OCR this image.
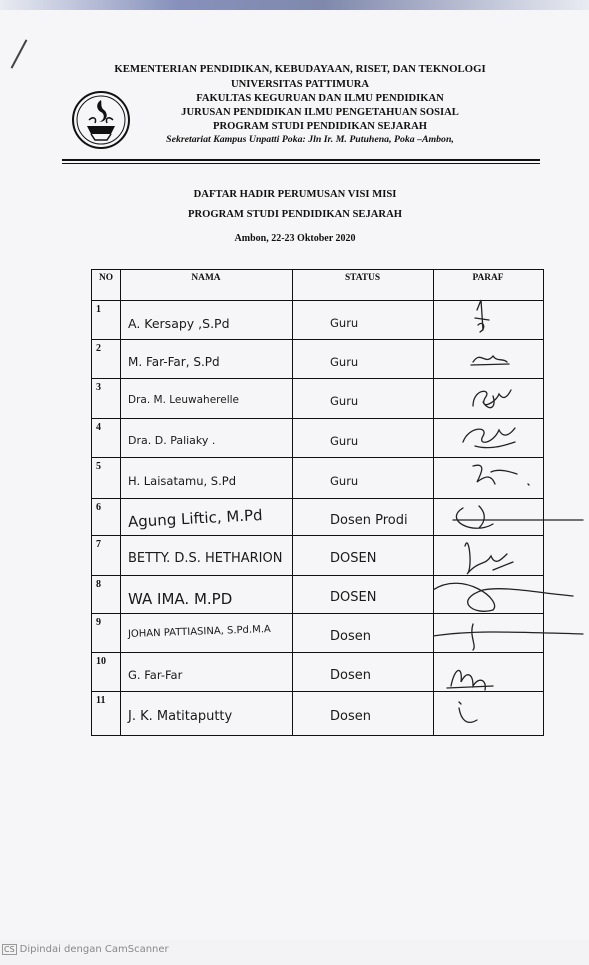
KEMENTERIAN PENDIDIKAN, KEBUDAYAAN, RISET, DAN TEKNOLOGI
UNIVERSITAS PATTIMURA
FAKULTAS KEGURUAN DAN ILMU PENDIDIKAN
JURUSAN PENDIDIKAN ILMU PENGETAHUAN SOSIAL
PROGRAM STUDI PENDIDIKAN SEJARAH
Sekretariat Kampus Unpatti Poka: Jln Ir. M. Putuhena, Poka –Ambon,
DAFTAR HADIR PERUMUSAN VISI MISI
PROGRAM STUDI PENDIDIKAN SEJARAH
Ambon, 22-23 Oktober 2020
NO	NAMA	STATUS	PARAF
1
A. Kersapy ,S.Pd	Guru
2
M. Far-Far, S.Pd	Guru
3
Dra. M. Leuwaherelle	Guru
4
Dra. D. Paliaky .	Guru
5
H. Laisatamu, S.Pd	Guru
6 Agung Liftic, M.Pd	Dosen Prodi
7
BETTY. D.S. HETHARION	DOSEN
8
WA IMA. M.PD	DOSEN
9
JOHAN PATTIASINA, S.Pd.M.A	Dosen
10
G. Far-Far	Dosen
11
J. K. Matitaputty	Dosen
CS Dipindai dengan CamScanner
